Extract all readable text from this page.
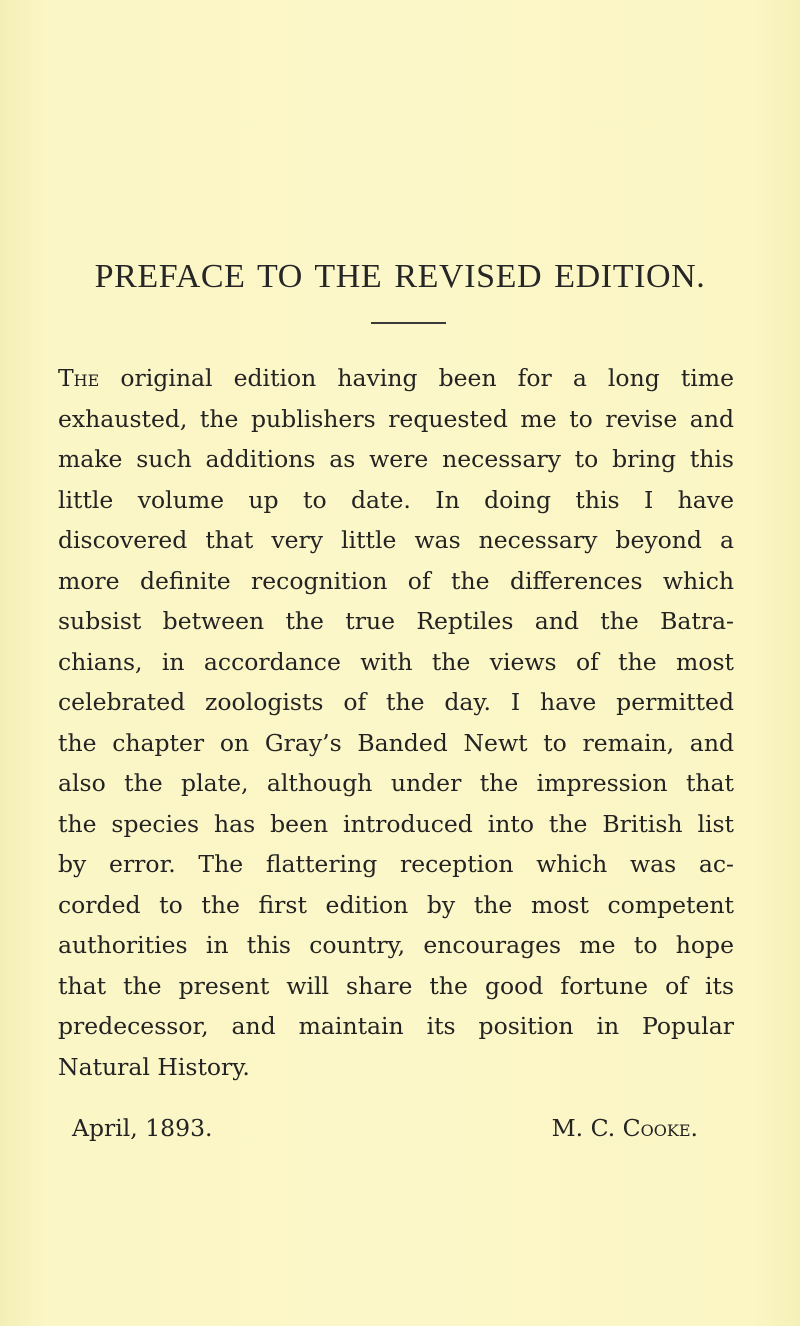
PREFACE TO THE REVISED EDITION.
The original edition having been for a long time
exhausted, the publishers requested me to revise and
make such additions as were necessary to bring this
little volume up to date. In doing this I have
discovered that very little was necessary beyond a
more definite recognition of the differences which
subsist between the true Reptiles and the Batra-
chians, in accordance with the views of the most
celebrated zoologists of the day. I have permitted
the chapter on Gray’s Banded Newt to remain, and
also the plate, although under the impression that
the species has been introduced into the British list
by error. The flattering reception which was ac-
corded to the first edition by the most competent
authorities in this country, encourages me to hope
that the present will share the good fortune of its
predecessor, and maintain its position in Popular
Natural History.
April, 1893.	M. C. Cooke.
